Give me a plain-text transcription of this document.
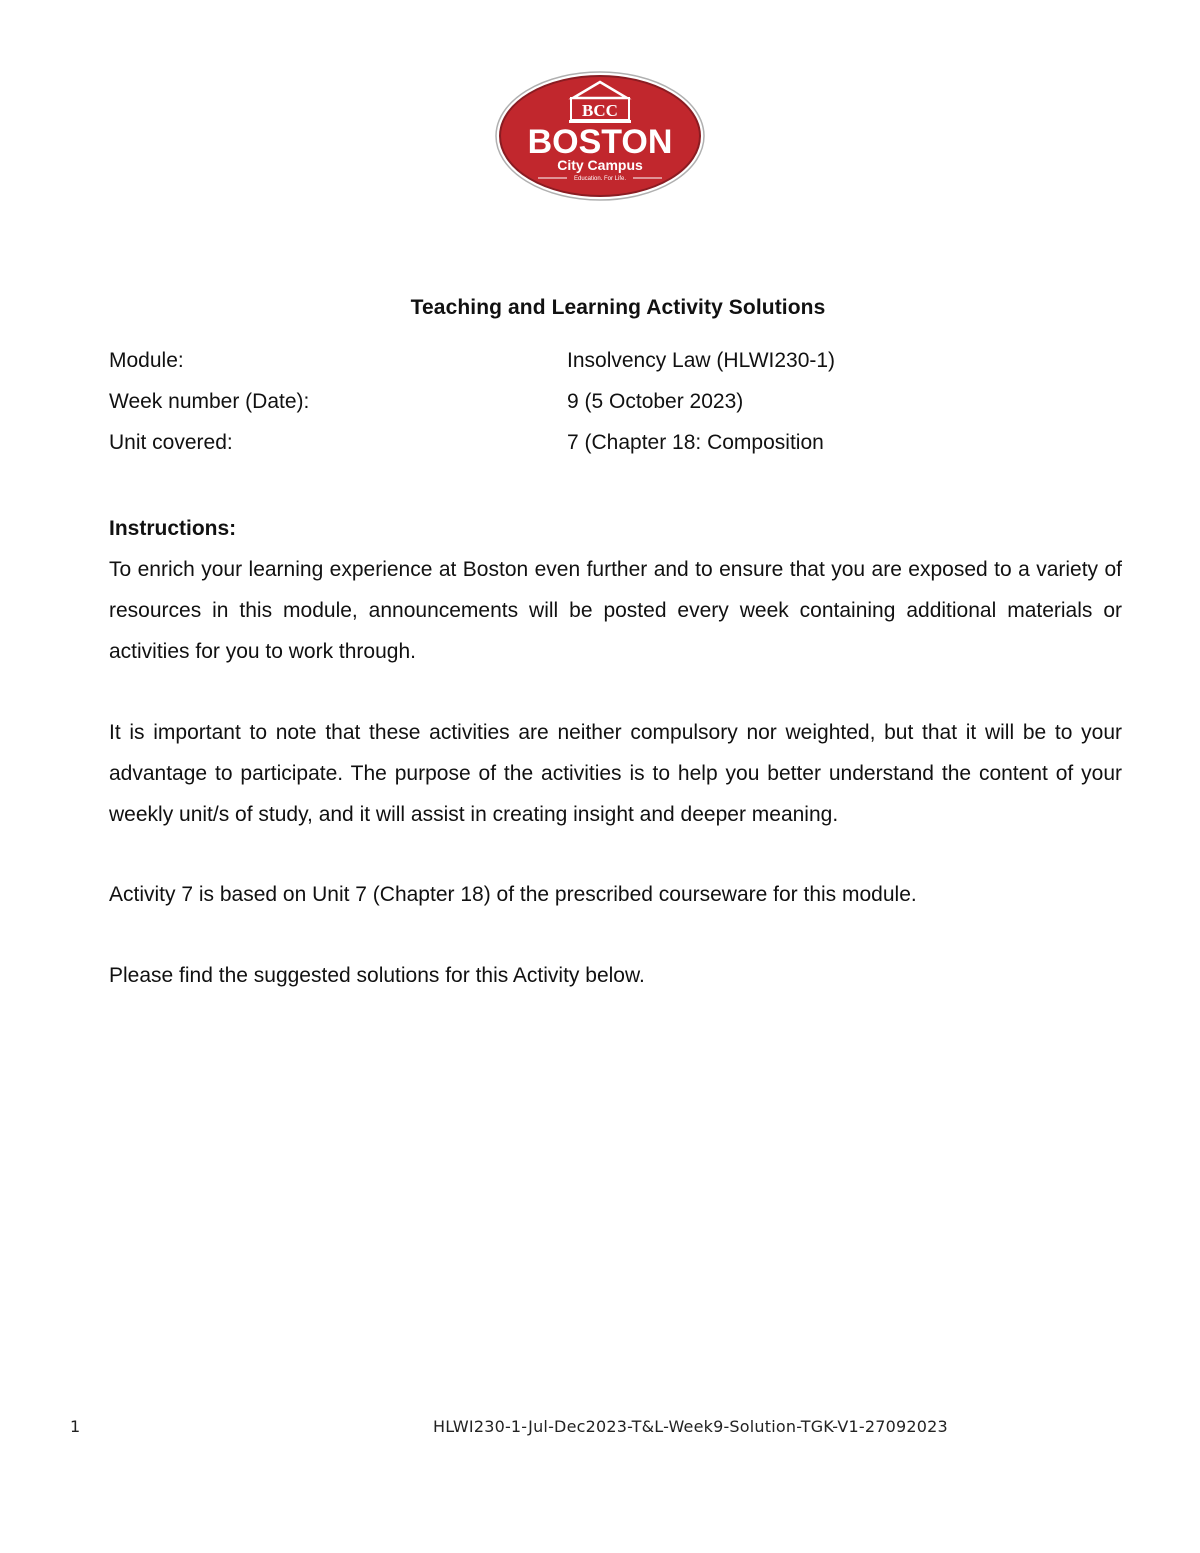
BCC
BOSTON
City Campus
Education. For Life.
Teaching and Learning Activity Solutions
Module:	Insolvency Law (HLWI230-1)
Week number (Date):	9 (5 October 2023)
Unit covered:	7 (Chapter 18: Composition
Instructions:

To enrich your learning experience at Boston even further and to ensure that you are exposed to a variety of resources in this module, announcements will be posted every week containing additional materials or activities for you to work through.

It is important to note that these activities are neither compulsory nor weighted, but that it will be to your advantage to participate. The purpose of the activities is to help you better understand the content of your weekly unit/s of study, and it will assist in creating insight and deeper meaning.

Activity 7 is based on Unit 7 (Chapter 18) of the prescribed courseware for this module.

Please find the suggested solutions for this Activity below.

1	HLWI230-1-Jul-Dec2023-T&L-Week9-Solution-TGK-V1-27092023
